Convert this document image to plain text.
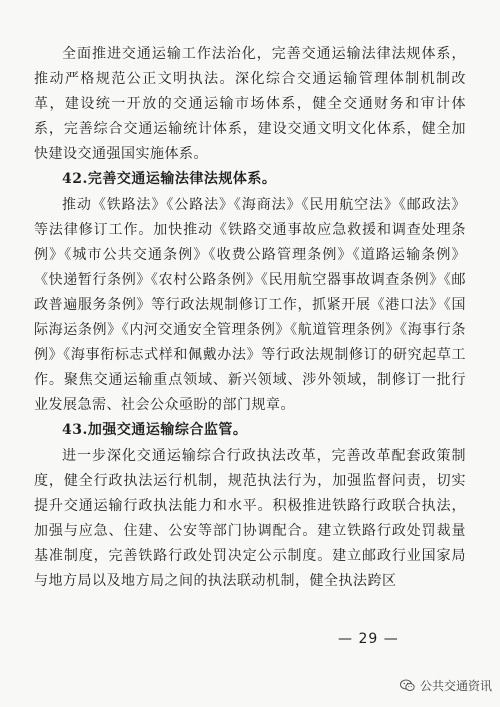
全面推进交通运输工作法治化，完善交通运输法律法规体系，推动严格规范公正文明执法。深化综合交通运输管理体制机制改革，建设统一开放的交通运输市场体系，健全交通财务和审计体系，完善综合交通运输统计体系，建设交通文明文化体系，健全加快建设交通强国实施体系。

42.完善交通运输法律法规体系。

推动《铁路法》《公路法》《海商法》《民用航空法》《邮政法》等法律修订工作。加快推动《铁路交通事故应急救援和调查处理条例》《城市公共交通条例》《收费公路管理条例》《道路运输条例》《快递暂行条例》《农村公路条例》《民用航空器事故调查条例》《邮政普遍服务条例》等行政法规制修订工作，抓紧开展《港口法》《国际海运条例》《内河交通安全管理条例》《航道管理条例》《海事行条例》《海事衔标志式样和佩戴办法》等行政法规制修订的研究起草工作。聚焦交通运输重点领域、新兴领域、涉外领域，制修订一批行业发展急需、社会公众亟盼的部门规章。

43.加强交通运输综合监管。

进一步深化交通运输综合行政执法改革，完善改革配套政策制度，健全行政执法运行机制，规范执法行为，加强监督问责，切实提升交通运输行政执法能力和水平。积极推进铁路行政联合执法，加强与应急、住建、公安等部门协调配合。建立铁路行政处罚裁量基准制度，完善铁路行政处罚决定公示制度。建立邮政行业国家局与地方局以及地方局之间的执法联动机制，健全执法跨区

— 29 —
公共交通资讯
